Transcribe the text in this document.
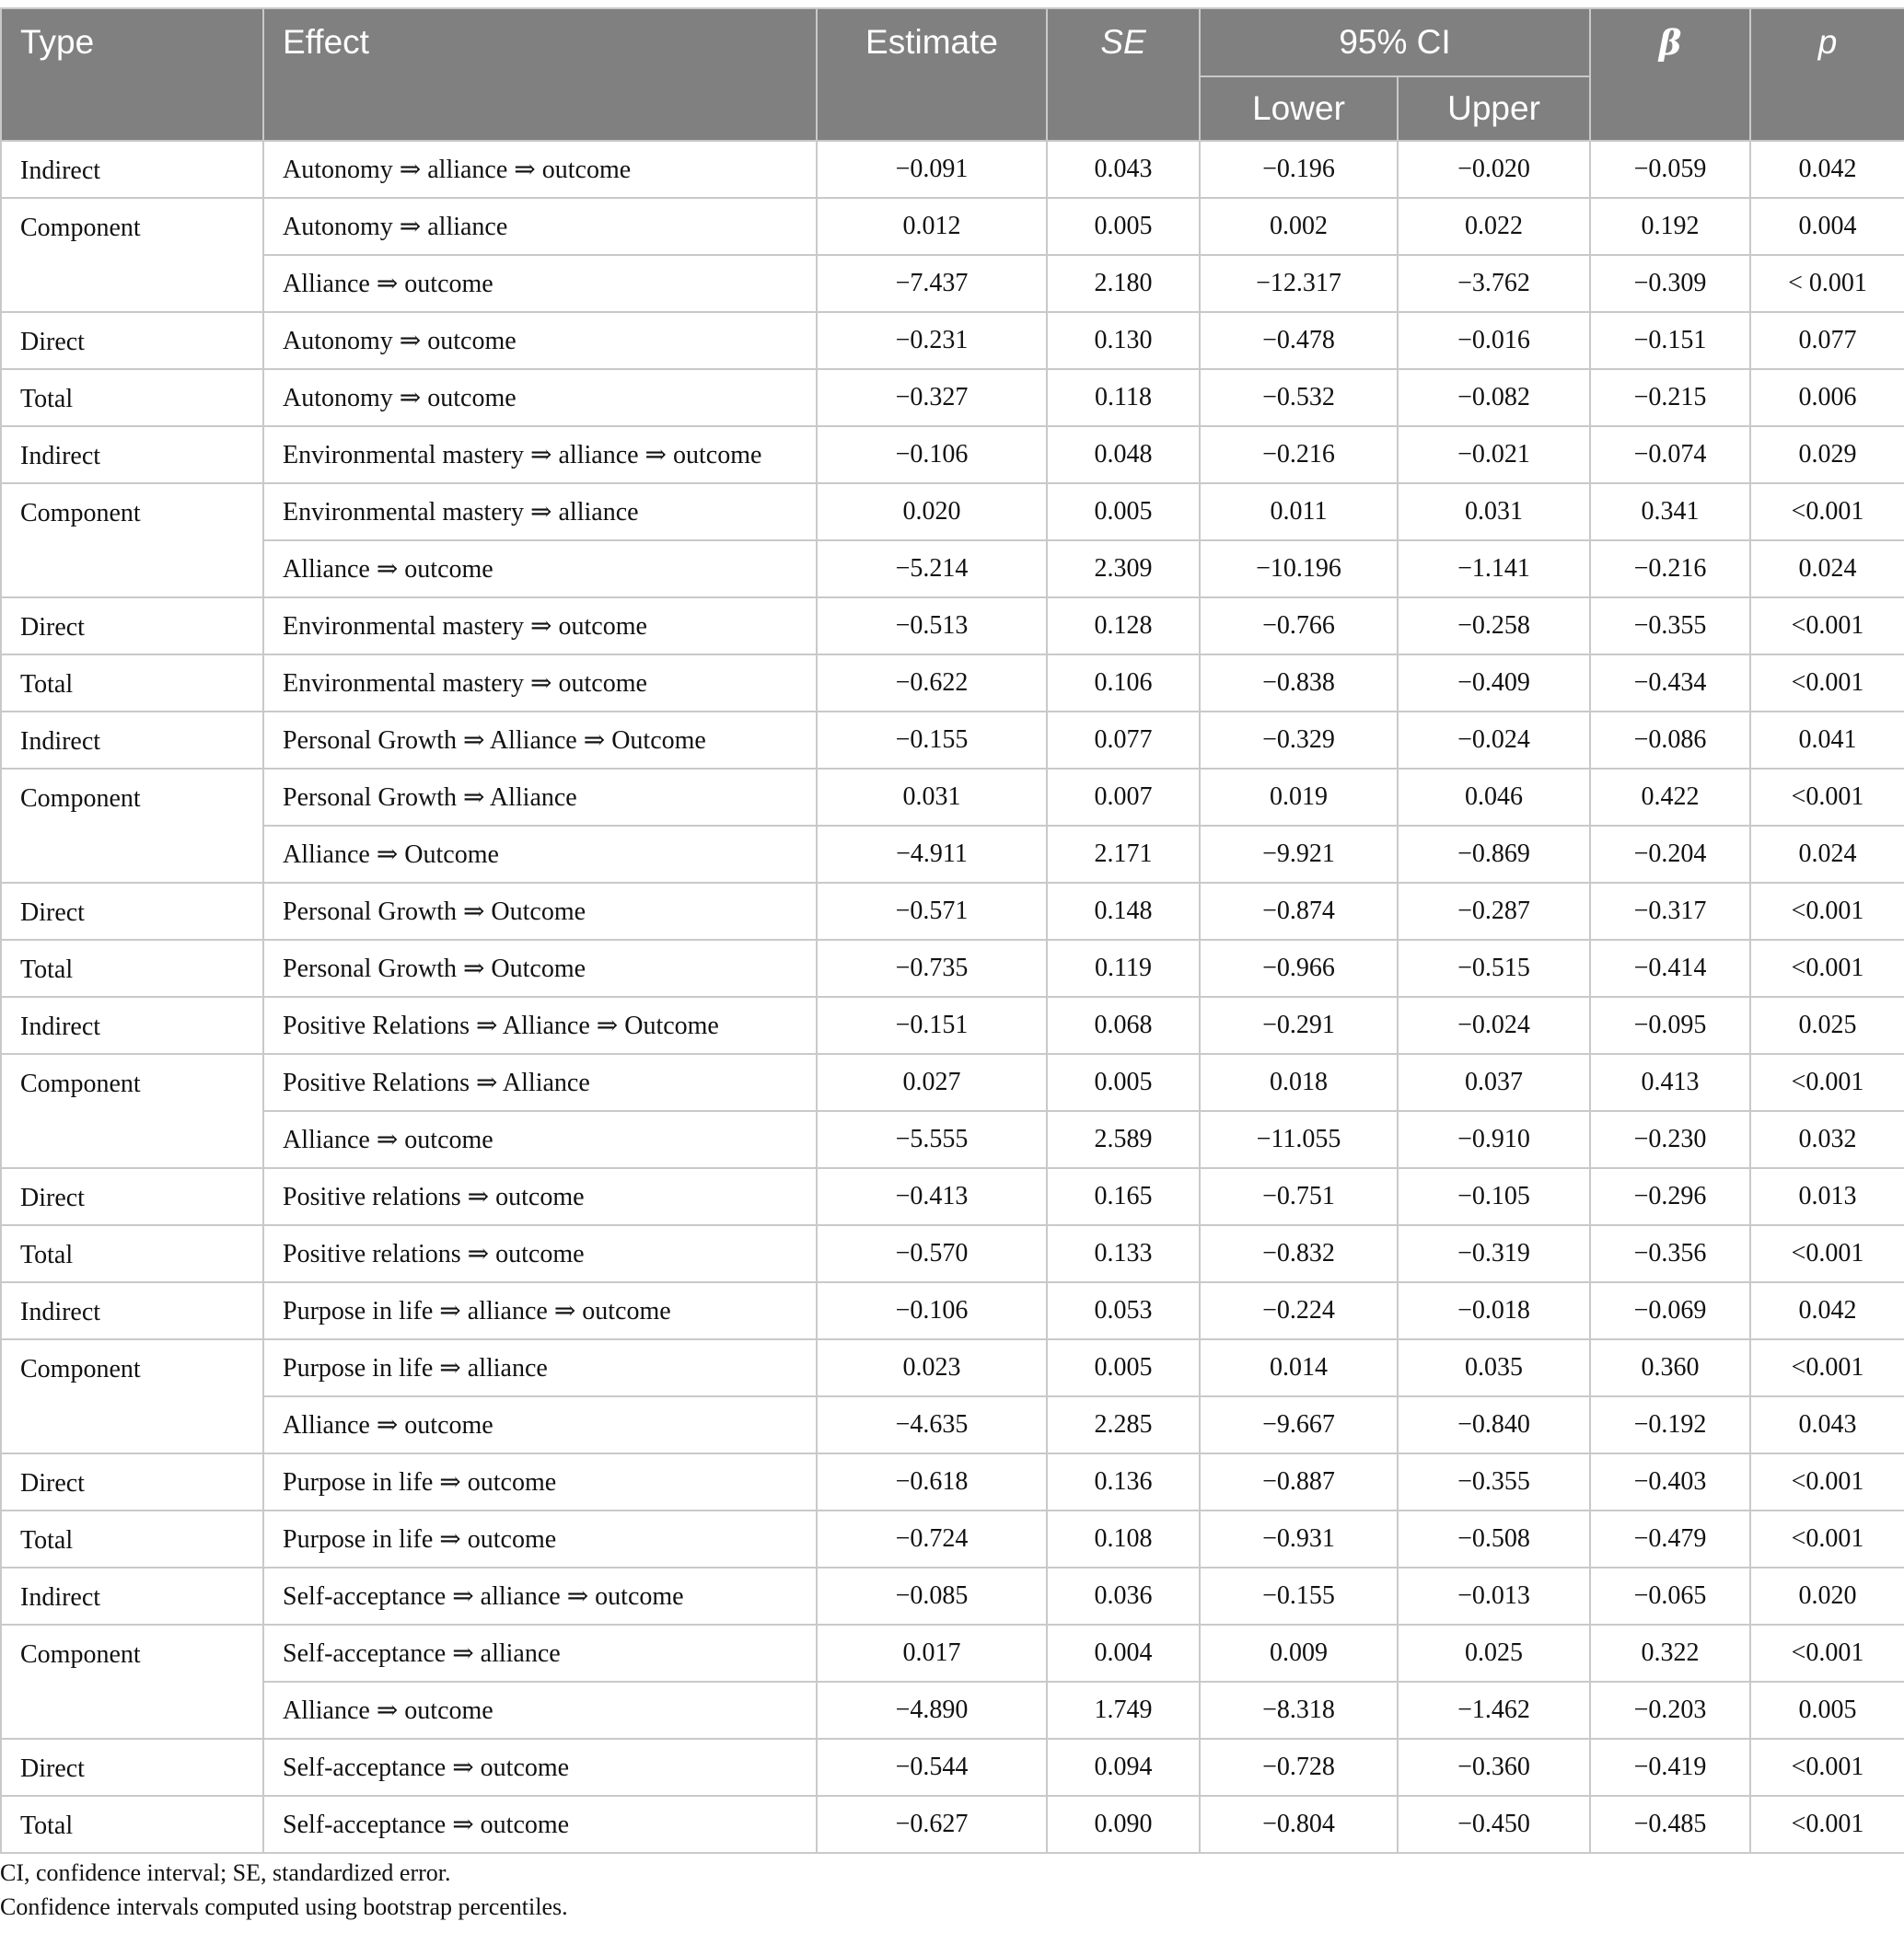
Type	Effect	Estimate	SE	95% CI		β	p
				Lower	Upper		
Indirect	Autonomy ⇒ alliance ⇒ outcome	−0.091	0.043	−0.196	−0.020	−0.059	0.042
Component	Autonomy ⇒ alliance	0.012	0.005	0.002	0.022	0.192	0.004
	Alliance ⇒ outcome	−7.437	2.180	−12.317	−3.762	−0.309	< 0.001
Direct	Autonomy ⇒ outcome	−0.231	0.130	−0.478	−0.016	−0.151	0.077
Total	Autonomy ⇒ outcome	−0.327	0.118	−0.532	−0.082	−0.215	0.006
Indirect	Environmental mastery ⇒ alliance ⇒ outcome	−0.106	0.048	−0.216	−0.021	−0.074	0.029
Component	Environmental mastery ⇒ alliance	0.020	0.005	0.011	0.031	0.341	<0.001
	Alliance ⇒ outcome	−5.214	2.309	−10.196	−1.141	−0.216	0.024
Direct	Environmental mastery ⇒ outcome	−0.513	0.128	−0.766	−0.258	−0.355	<0.001
Total	Environmental mastery ⇒ outcome	−0.622	0.106	−0.838	−0.409	−0.434	<0.001
Indirect	Personal Growth ⇒ Alliance ⇒ Outcome	−0.155	0.077	−0.329	−0.024	−0.086	0.041
Component	Personal Growth ⇒ Alliance	0.031	0.007	0.019	0.046	0.422	<0.001
	Alliance ⇒ Outcome	−4.911	2.171	−9.921	−0.869	−0.204	0.024
Direct	Personal Growth ⇒ Outcome	−0.571	0.148	−0.874	−0.287	−0.317	<0.001
Total	Personal Growth ⇒ Outcome	−0.735	0.119	−0.966	−0.515	−0.414	<0.001
Indirect	Positive Relations ⇒ Alliance ⇒ Outcome	−0.151	0.068	−0.291	−0.024	−0.095	0.025
Component	Positive Relations ⇒ Alliance	0.027	0.005	0.018	0.037	0.413	<0.001
	Alliance ⇒ outcome	−5.555	2.589	−11.055	−0.910	−0.230	0.032
Direct	Positive relations ⇒ outcome	−0.413	0.165	−0.751	−0.105	−0.296	0.013
Total	Positive relations ⇒ outcome	−0.570	0.133	−0.832	−0.319	−0.356	<0.001
Indirect	Purpose in life ⇒ alliance ⇒ outcome	−0.106	0.053	−0.224	−0.018	−0.069	0.042
Component	Purpose in life ⇒ alliance	0.023	0.005	0.014	0.035	0.360	<0.001
	Alliance ⇒ outcome	−4.635	2.285	−9.667	−0.840	−0.192	0.043
Direct	Purpose in life ⇒ outcome	−0.618	0.136	−0.887	−0.355	−0.403	<0.001
Total	Purpose in life ⇒ outcome	−0.724	0.108	−0.931	−0.508	−0.479	<0.001
Indirect	Self-acceptance ⇒ alliance ⇒ outcome	−0.085	0.036	−0.155	−0.013	−0.065	0.020
Component	Self-acceptance ⇒ alliance	0.017	0.004	0.009	0.025	0.322	<0.001
	Alliance ⇒ outcome	−4.890	1.749	−8.318	−1.462	−0.203	0.005
Direct	Self-acceptance ⇒ outcome	−0.544	0.094	−0.728	−0.360	−0.419	<0.001
Total	Self-acceptance ⇒ outcome	−0.627	0.090	−0.804	−0.450	−0.485	<0.001

CI, confidence interval; SE, standardized error.

Confidence intervals computed using bootstrap percentiles.
